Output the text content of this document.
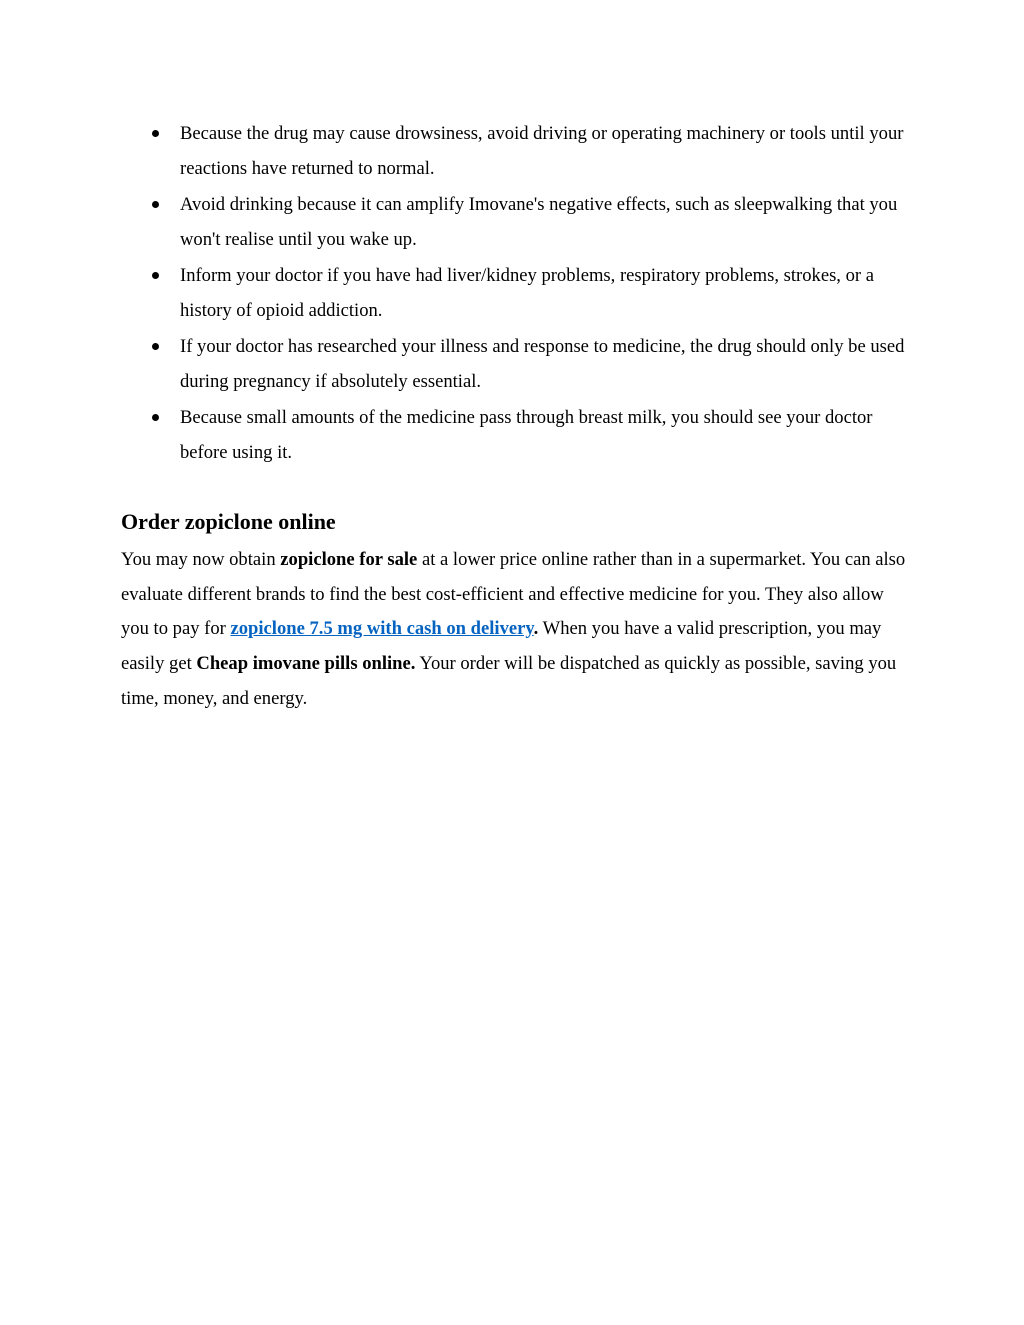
Because the drug may cause drowsiness, avoid driving or operating machinery or tools until your reactions have returned to normal.
Avoid drinking because it can amplify Imovane's negative effects, such as sleepwalking that you won't realise until you wake up.
Inform your doctor if you have had liver/kidney problems, respiratory problems, strokes, or a history of opioid addiction.
If your doctor has researched your illness and response to medicine, the drug should only be used during pregnancy if absolutely essential.
Because small amounts of the medicine pass through breast milk, you should see your doctor before using it.
Order zopiclone online

You may now obtain zopiclone for sale at a lower price online rather than in a supermarket. You can also evaluate different brands to find the best cost-efficient and effective medicine for you. They also allow you to pay for zopiclone 7.5 mg with cash on delivery. When you have a valid prescription, you may easily get Cheap imovane pills online. Your order will be dispatched as quickly as possible, saving you time, money, and energy.
